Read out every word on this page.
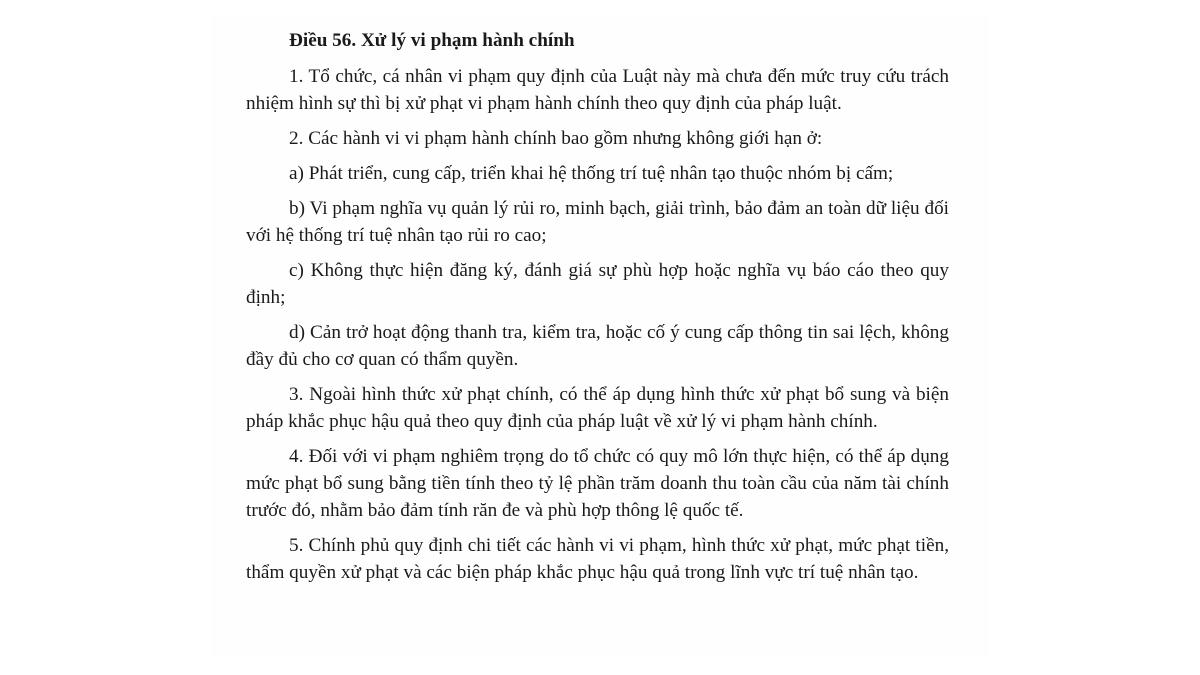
Điều 56. Xử lý vi phạm hành chính

1. Tổ chức, cá nhân vi phạm quy định của Luật này mà chưa đến mức truy cứu trách nhiệm hình sự thì bị xử phạt vi phạm hành chính theo quy định của pháp luật.

2. Các hành vi vi phạm hành chính bao gồm nhưng không giới hạn ở:

a) Phát triển, cung cấp, triển khai hệ thống trí tuệ nhân tạo thuộc nhóm bị cấm;

b) Vi phạm nghĩa vụ quản lý rủi ro, minh bạch, giải trình, bảo đảm an toàn dữ liệu đối với hệ thống trí tuệ nhân tạo rủi ro cao;

c) Không thực hiện đăng ký, đánh giá sự phù hợp hoặc nghĩa vụ báo cáo theo quy định;

d) Cản trở hoạt động thanh tra, kiểm tra, hoặc cố ý cung cấp thông tin sai lệch, không đầy đủ cho cơ quan có thẩm quyền.

3. Ngoài hình thức xử phạt chính, có thể áp dụng hình thức xử phạt bổ sung và biện pháp khắc phục hậu quả theo quy định của pháp luật về xử lý vi phạm hành chính.

4. Đối với vi phạm nghiêm trọng do tổ chức có quy mô lớn thực hiện, có thể áp dụng mức phạt bổ sung bằng tiền tính theo tỷ lệ phần trăm doanh thu toàn cầu của năm tài chính trước đó, nhằm bảo đảm tính răn đe và phù hợp thông lệ quốc tế.

5. Chính phủ quy định chi tiết các hành vi vi phạm, hình thức xử phạt, mức phạt tiền, thẩm quyền xử phạt và các biện pháp khắc phục hậu quả trong lĩnh vực trí tuệ nhân tạo.
